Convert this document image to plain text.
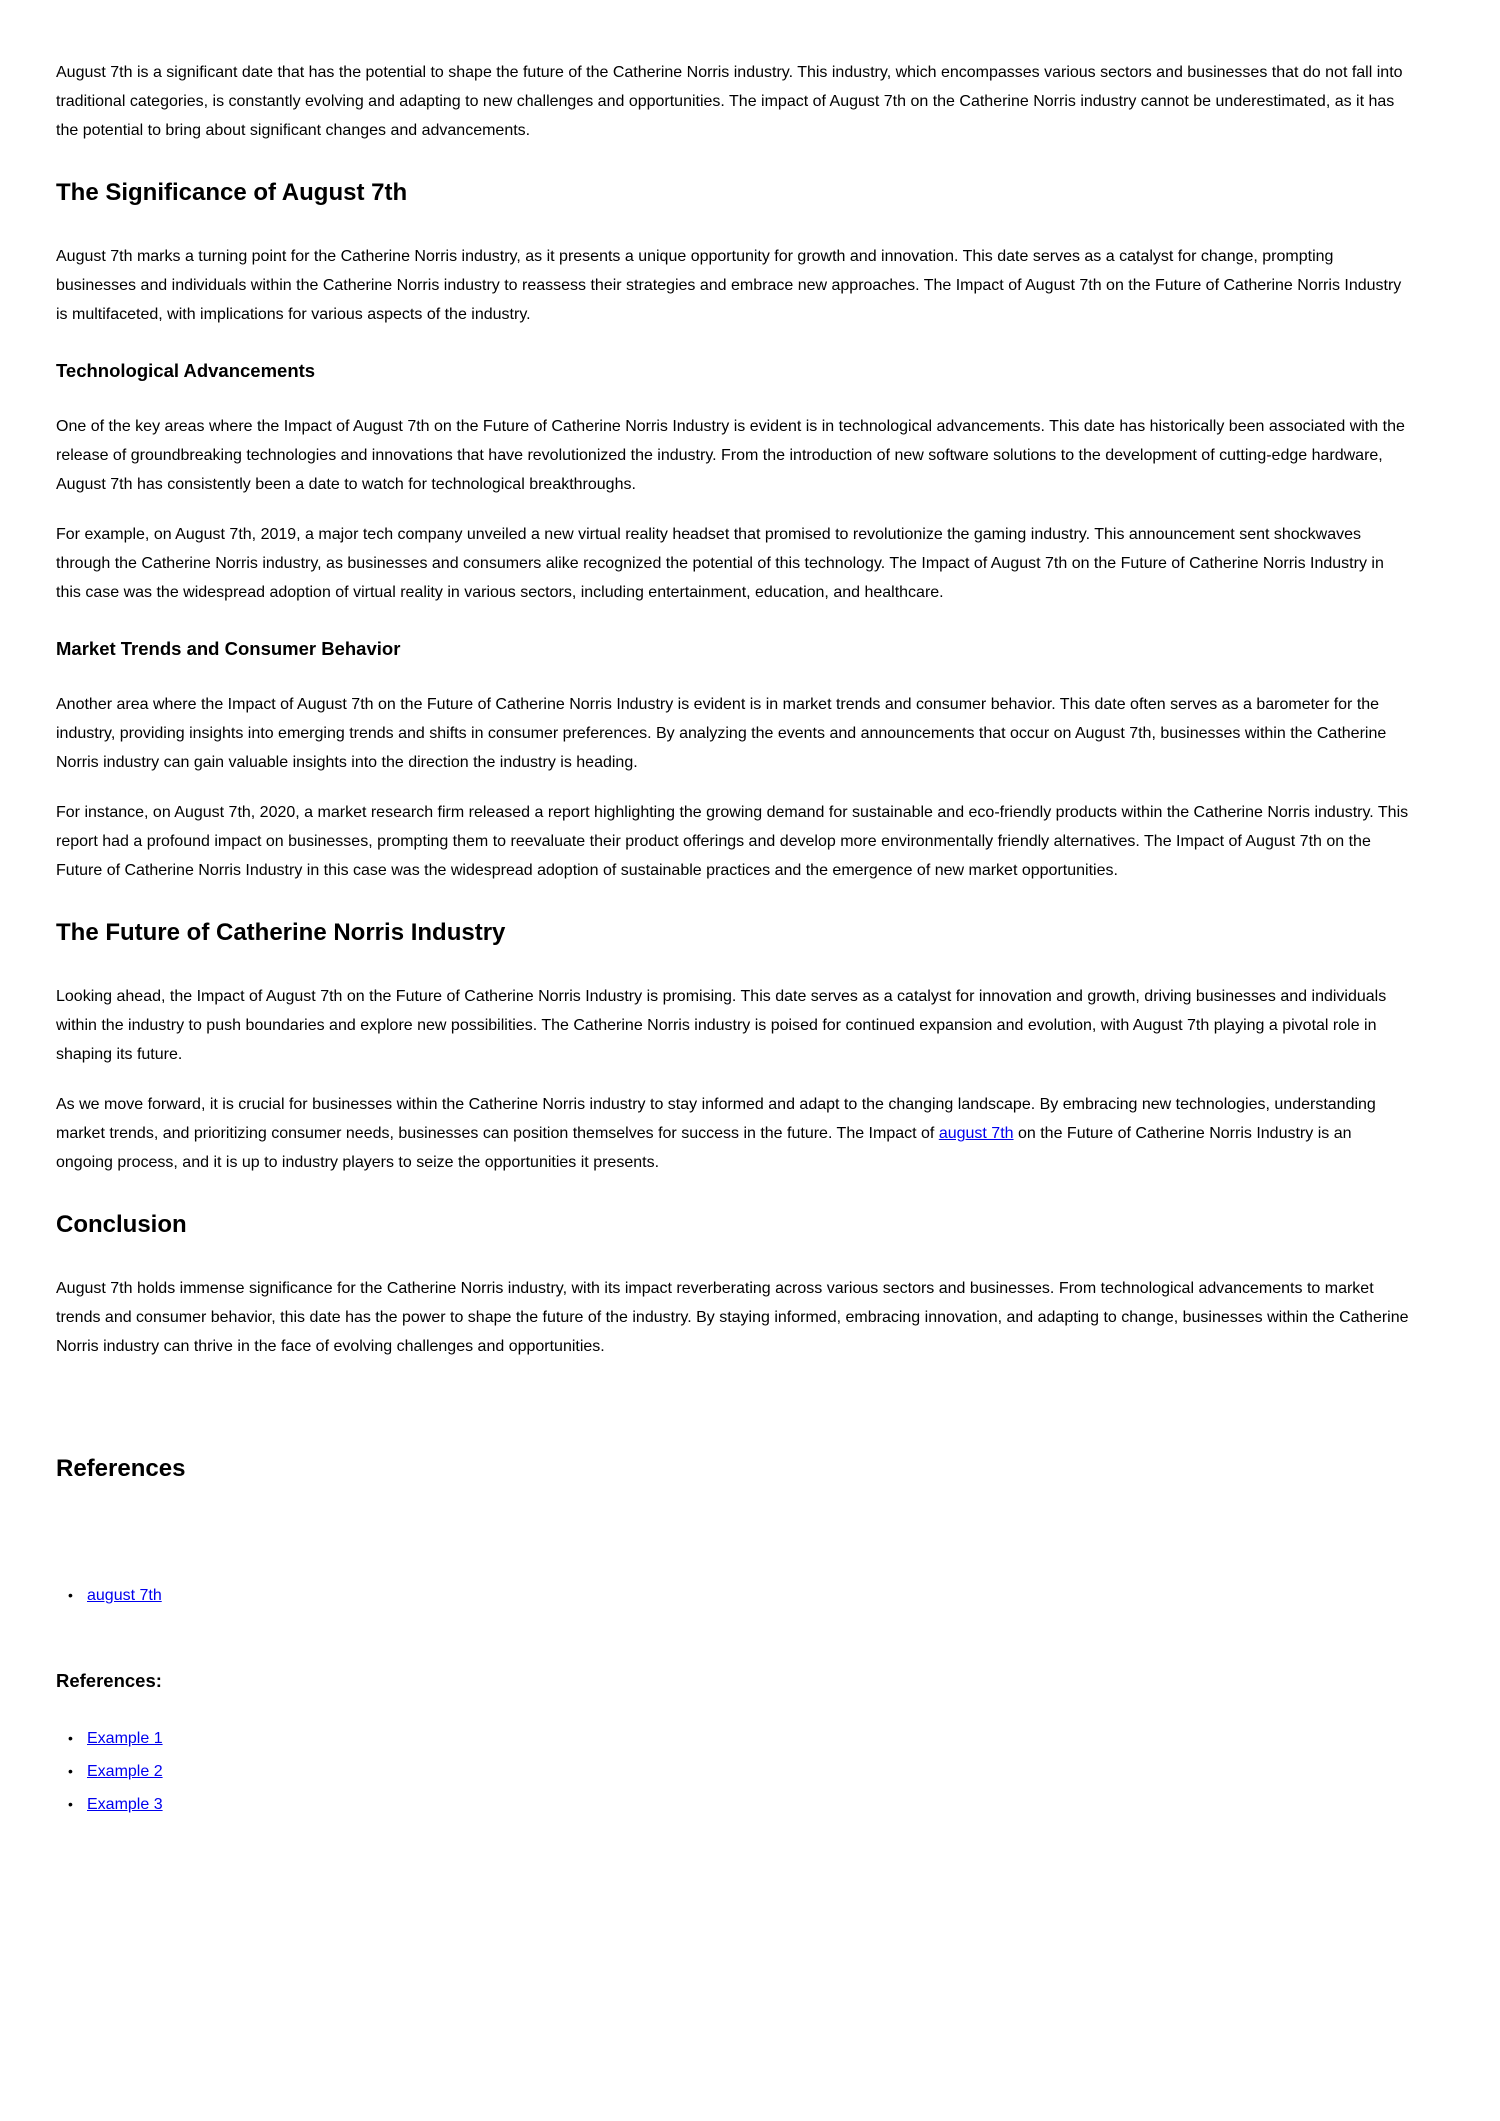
August 7th is a significant date that has the potential to shape the future of the Catherine Norris industry. This industry, which encompasses various sectors and businesses that do not fall into traditional categories, is constantly evolving and adapting to new challenges and opportunities. The impact of August 7th on the Catherine Norris industry cannot be underestimated, as it has the potential to bring about significant changes and advancements.

The Significance of August 7th

August 7th marks a turning point for the Catherine Norris industry, as it presents a unique opportunity for growth and innovation. This date serves as a catalyst for change, prompting businesses and individuals within the Catherine Norris industry to reassess their strategies and embrace new approaches. The Impact of August 7th on the Future of Catherine Norris Industry is multifaceted, with implications for various aspects of the industry.

Technological Advancements

One of the key areas where the Impact of August 7th on the Future of Catherine Norris Industry is evident is in technological advancements. This date has historically been associated with the release of groundbreaking technologies and innovations that have revolutionized the industry. From the introduction of new software solutions to the development of cutting-edge hardware, August 7th has consistently been a date to watch for technological breakthroughs.

For example, on August 7th, 2019, a major tech company unveiled a new virtual reality headset that promised to revolutionize the gaming industry. This announcement sent shockwaves through the Catherine Norris industry, as businesses and consumers alike recognized the potential of this technology. The Impact of August 7th on the Future of Catherine Norris Industry in this case was the widespread adoption of virtual reality in various sectors, including entertainment, education, and healthcare.

Market Trends and Consumer Behavior

Another area where the Impact of August 7th on the Future of Catherine Norris Industry is evident is in market trends and consumer behavior. This date often serves as a barometer for the industry, providing insights into emerging trends and shifts in consumer preferences. By analyzing the events and announcements that occur on August 7th, businesses within the Catherine Norris industry can gain valuable insights into the direction the industry is heading.

For instance, on August 7th, 2020, a market research firm released a report highlighting the growing demand for sustainable and eco-friendly products within the Catherine Norris industry. This report had a profound impact on businesses, prompting them to reevaluate their product offerings and develop more environmentally friendly alternatives. The Impact of August 7th on the Future of Catherine Norris Industry in this case was the widespread adoption of sustainable practices and the emergence of new market opportunities.

The Future of Catherine Norris Industry

Looking ahead, the Impact of August 7th on the Future of Catherine Norris Industry is promising. This date serves as a catalyst for innovation and growth, driving businesses and individuals within the industry to push boundaries and explore new possibilities. The Catherine Norris industry is poised for continued expansion and evolution, with August 7th playing a pivotal role in shaping its future.

As we move forward, it is crucial for businesses within the Catherine Norris industry to stay informed and adapt to the changing landscape. By embracing new technologies, understanding market trends, and prioritizing consumer needs, businesses can position themselves for success in the future. The Impact of august 7th on the Future of Catherine Norris Industry is an ongoing process, and it is up to industry players to seize the opportunities it presents.

Conclusion

August 7th holds immense significance for the Catherine Norris industry, with its impact reverberating across various sectors and businesses. From technological advancements to market trends and consumer behavior, this date has the power to shape the future of the industry. By staying informed, embracing innovation, and adapting to change, businesses within the Catherine Norris industry can thrive in the face of evolving challenges and opportunities.

References
• august 7th
References:
• Example 1
• Example 2
• Example 3
